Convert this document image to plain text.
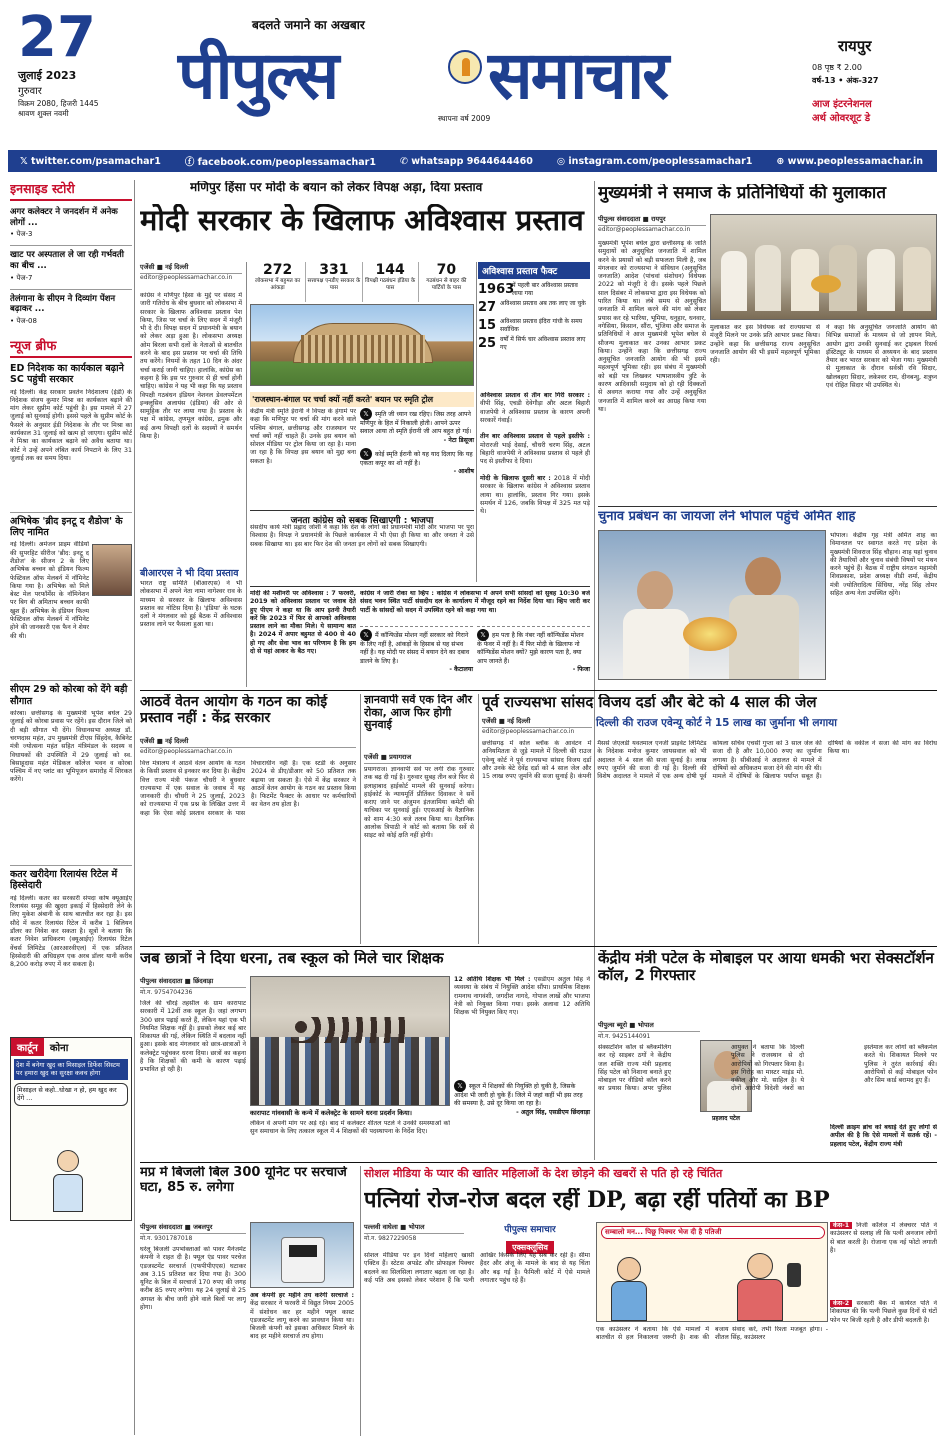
27
जुलाई 2023
गुरुवार
विक्रम 2080, हिजरी 1445
श्रावण शुक्ल नवमी
बदलते जमाने का अखबार
पीपुल्स समाचार
स्थापना वर्ष 2009
रायपुर
08 पृष्ठ ₹ 2.00
वर्ष-13 • अंक-327
आज इंटरनेशनल
अर्थ ओवरशूट डे
𝕏 twitter.com/psamachar1	ⓕ facebook.com/peoplessamachar1	✆ whatsapp 9644644460	◎ instagram.com/peoplessamachar1	⊕ www.peoplessamachar.in
इनसाइड स्टोरी
अगर कलेक्टर ने जनदर्शन में अनेक लोगों ...
• पेज-3
खाट पर अस्पताल ले जा रही गर्भवती का बीच ...
• पेज-7
तेलंगाना के सीएम ने दिव्यांग पेंशन बढ़ाकर ...
• पेज-08
न्यूज ब्रीफ
ED निदेशक का कार्यकाल बढ़ाने SC पहुंची सरकार
नई दिल्ली। केंद्र सरकार प्रवर्तन निदेशालय (ईडी) के निदेशक संजय कुमार मिश्रा का कार्यकाल बढ़ाने की मांग लेकर सुप्रीम कोर्ट पहुंची है। इस मामले में 27 जुलाई को सुनवाई होगी। इससे पहले के सुप्रीम कोर्ट के फैसले के अनुसार ईडी निदेशक के तौर पर मिश्रा का कार्यकाल 31 जुलाई को खत्म हो जाएगा। सुप्रीम कोर्ट ने मिश्रा का कार्यकाल बढ़ाने को अवैध बताया था। कोर्ट ने उन्हें अपने लंबित कार्य निपटाने के लिए 31 जुलाई तक का समय दिया।
अभिषेक 'ब्रीद इनटू द शैडोज' के लिए नामित
नई दिल्ली। अमेजन प्राइम वीडियो की सुपरहिट सीरीज 'ब्रीद: इनटू द शैडोज' के सीजन 2 के लिए अभिषेक बच्चन को इंडियन फिल्म फेस्टिवल ऑफ मेलबर्न में नॉमिनेट किया गया है। अभिषेक को मिले बेस्ट मेल परफॉर्मेंस के नॉमिनेशन पर बिग बी अमिताभ बच्चन काफी खुश हैं। अभिषेक के इंडियन फिल्म फेस्टिवल ऑफ मेलबर्न में नॉमिनेट होने की जानकारी एक फैन ने शेयर की थी।
सीएम 29 को कोरबा को देंगे बड़ी सौगात
कोरबा। छत्तीसगढ़ के मुख्यमंत्री भूपेश बघेल 29 जुलाई को कोरबा प्रवास पर रहेंगे। इस दौरान जिले को दी बड़ी सौगात भी देंगे। विधानसभा अध्यक्ष डॉ. चरणदास महंत, उप मुख्यमंत्री टीएस सिंहदेव, कैबिनेट मंत्री ज्योत्सना महंत सहित मंत्रिमंडल के सदस्य व विधायकों की उपस्थिति में 29 जुलाई को स्व. बिसाहूदास महंत मेडिकल कॉलेज भवन व कोरबा पश्चिम में नए प्लांट का भूमिपूजन समारोह में शिरकत करेंगे।
कतर खरीदेगा रिलायंस रिटेल में हिस्सेदारी
नई दिल्ली। कतर का सरकारी संपदा कोष क्यूआईए रिलायंस समूह की खुदरा इकाई में हिस्सेदारी लेने के लिए मुकेश अंबानी के साथ बातचीत कर रहा है। इस सौदे में कतर रिलायंस रिटेल में करीब 1 बिलियन डॉलर का निवेश कर सकता है। सूत्रों ने बताया कि कतर निवेश प्राधिकरण (क्यूआईए) रिलायंस रिटेल वेंचर्स लिमिटेड (आरआरवीएल) में एक प्रतिशत हिस्सेदारी की अधिग्रहण एक अरब डॉलर यानी करीब 8,200 करोड़ रुपए में कर सकता है।
कार्टून	कोना
देश में बनेगा खुद का मिसाइल डिफेंस सिस्टम पर हमारा खुद का सुरक्षा कवच होगा
मिसाइल से कहो..धोखा न हो, हम खुद कर देंगे ...
मणिपुर हिंसा पर मोदी के बयान को लेकर विपक्ष अड़ा, दिया प्रस्ताव
मोदी सरकार के खिलाफ अविश्वास प्रस्ताव
एजेंसी ■ नई दिल्ली
editor@peoplessamachar.co.in
कांग्रेस ने मणिपुर हिंसा के मुद्दे पर संसद में जारी गतिरोध के बीच बुधवार को लोकसभा में सरकार के खिलाफ अविश्वास प्रस्ताव पेश किया, जिस पर चर्चा के लिए सदन में मंजूरी भी दे दी। विपक्ष सदन में प्रधानमंत्री के बयान को लेकर अड़ा हुआ है। लोकसभा अध्यक्ष ओम बिरला सभी दलों के नेताओं से बातचीत करने के बाद इस प्रस्ताव पर चर्चा की तिथि तय करेंगे। नियमों के तहत 10 दिन के अंदर चर्चा कराई जानी चाहिए। हालांकि, कांग्रेस का कहना है कि इस पर गुरुवार से ही चर्चा होनी चाहिए। कांग्रेस ने यह भी कहा कि यह प्रस्ताव विपक्षी गठबंधन इंडियन नेशनल डेवलपमेंटल इन्क्लूसिव अलायंस (इंडिया) की ओर से सामूहिक तौर पर लाया गया है। प्रस्ताव के पक्ष में कांग्रेस, तृणमूल कांग्रेस, द्रमुक और कई अन्य विपक्षी दलों के सदस्यों ने समर्थन किया है।
बीआरएस ने भी दिया प्रस्ताव
भारत राष्ट्र समिति (बीआरएस) ने भी लोकसभा में अपने नेता नामा नागेश्वर राव के माध्यम से सरकार के खिलाफ अविश्वास प्रस्ताव का नोटिस दिया है। 'इंडिया' के घटक दलों ने मंगलवार को हुई बैठक में अविश्वास प्रस्ताव लाने पर फैसला हुआ था।
272
लोकसभा में बहुमत का आंकड़ा
331
सत्तापक्ष एनडीए सरकार के पास
144
विपक्षी गठबंधन इंडिया के पास
70
गठबंधन से बाहर की पार्टियों के पास
अविश्वास प्रस्ताव फैक्ट
1963
में पहली बार अविश्वास प्रस्ताव लाया गया
27 अविश्वास प्रस्ताव अब तक लाए जा चुके
15 अविश्वास प्रस्ताव इंदिरा गांधी के समय सर्वाधिक
25 वर्षों में सिर्फ चार अविश्वास प्रस्ताव लाए गए
'राजस्थान-बंगाल पर चर्चा क्यों नहीं करते' बयान पर स्मृति ट्रोल
केंद्रीय मंत्री स्मृति ईरानी ने विपक्ष के हंगामे पर कहा कि मणिपुर पर चर्चा की मांग करने वाले पश्चिम बंगाल, छत्तीसगढ़ और राजस्थान पर चर्चा क्यों नहीं चाहते हैं। उनके इस बयान को सोशल मीडिया पर ट्रोल किया जा रहा है। माना जा रहा है कि विपक्ष इस बयान को मुद्दा बना सकता है।
𝕏 स्मृति जी ध्यान रख रहिए। जिस तरह आपने मणिपुर के हित में निकाली होती। आपने ऊपर सवाल आया तो स्मृति ईरानी जी आप बहुत हो गई।
- नेटा डिसूजा
𝕏 कोई स्मृति ईरानी को यह याद दिलाए कि यह एकता कपूर का शो नहीं है।
- आशीष
जनता कांग्रेस को सबक सिखाएगी : भाजपा
संसदीय कार्य मंत्री प्रह्लाद जोशी ने कहा कि देश के लोगों को प्रधानमंत्री मोदी और भाजपा पर पूरा विश्वास है। विपक्ष ने प्रधानमंत्री के पिछले कार्यकाल में भी ऐसा ही किया था और जनता ने उसे सबक सिखाया था। इस बार फिर देश की जनता इन लोगों को सबक सिखाएगी।
अविश्वास प्रस्ताव से तीन बार गिरी सरकार : वीपी सिंह, एचडी देवेगौड़ा और अटल बिहारी वाजपेयी ने अविश्वास प्रस्ताव के कारण अपनी सरकारें गंवाईं।

तीन बार अविश्वास प्रस्ताव से पहले इस्तीफे : मोरारजी भाई देसाई, चौधरी चरण सिंह, अटल बिहारी वाजपेयी ने अविश्वास प्रस्ताव से पहले ही पद से इस्तीफा दे दिया।

मोदी के खिलाफ दूसरी बार : 2018 में मोदी सरकार के खिलाफ कांग्रेस ने अविश्वास प्रस्ताव लाया था। हालांकि, प्रस्ताव गिर गया। इसके समर्थन में 126, जबकि विपक्ष में 325 मत पड़े थे।
मोदी की मशीनरी पर अविश्वास : 7 फरवरी, 2019 को अविश्वास प्रस्ताव पर जवाब देते हुए पीएम ने कहा था कि आप इतनी तैयारी करें कि 2023 में फिर से आपको अविश्वास प्रस्ताव लाने का मौका मिले। ये सामान्य बात है। 2024 में अपार बहुमत से 400 से 40 हो गए और सेवा भाव का परिणाम है कि हम दो से यहां आकर के बैठ गए।
कांग्रेस ने जारी रोका था व्हिप : कांग्रेस ने लोकसभा में अपने सभी सांसदों को सुबह 10:30 बजे संसद भवन स्थित पार्टी संसदीय दल के कार्यालय में मौजूद रहने का निर्देश दिया था। व्हिप जारी कर पार्टी के सांसदों को सदन में उपस्थित रहने को कहा गया था।
𝕏 मैं कॉन्फिडेंस मोशन नहीं सरकार को गिराने के लिए नहीं है, आंकड़ों के हिसाब से यह संभव नहीं है। यह मोदी पर संसद में बयान देने का दबाव डालने के लिए है।
- कैटालया
𝕏 हम पता है कि नंबर नहीं कॉन्फिडेंस मोशन के फेवर में नहीं है। मैं फिर मोदी के खिलाफ नो कॉन्फिडेंस मोशन क्यों? मुझे कारण पता है, क्या आप जानते हैं।
- फिजा
मुख्यमंत्री ने समाज के प्रतिनिधियों की मुलाकात
पीपुल्स संवाददाता ■ रायपुर
editor@peoplessamachar.co.in
मुख्यमंत्री भूपेश बघेल द्वारा छत्तीसगढ़ के जाति समुदायों को अनुसूचित जनजाति में शामिल करने के प्रयासों को बड़ी सफलता मिली है, जब मंगलवार को राज्यसभा ने संविधान (अनुसूचित जनजाति) आदेश (पांचवां संशोधन) विधेयक 2022 को मंजूरी दे दी। इसके पहले पिछले साल दिसंबर में लोकसभा द्वारा इस विधेयक को पारित किया था। लंबे समय से अनुसूचित जनजाति में शामिल करने की मांग को लेकर प्रयास कर रहे भारिया, भूमिया, धनुहार, धनवार, नगेसिया, किसान, सौंरा, भुंजिया और समाज के प्रतिनिधियों ने आज मुख्यमंत्री भूपेश बघेल से सौजन्य मुलाकात कर उनका आभार प्रकट किया। उन्होंने कहा कि छत्तीसगढ़ राज्य अनुसूचित जनजाति आयोग की भी इसमें महत्वपूर्ण भूमिका रही। इस संबंध में मुख्यमंत्री को बड़ी पत्र लिखकर भाषाशास्त्रीय त्रुटि के कारण आदिवासी समुदाय को हो रही दिक्कतों से अवगत कराया गया और उन्हें अनुसूचित जनजाति में शामिल करने का आग्रह किया गया था।
मुलाकात कर इस विधेयक को राज्यसभा से मंजूरी मिलने पर उनके प्रति आभार प्रकट किया। उन्होंने कहा कि छत्तीसगढ़ राज्य अनुसूचित जनजाति आयोग की भी इसमें महत्वपूर्ण भूमिका रही।
ने कहा कि अनुसूचित जनजाति आयोग की विभिन्न समाजों के माध्यम से जो ज्ञापन मिले, आयोग द्वारा उनकी सुनवाई कर ट्राइबल रिसर्च इंस्टिट्यूट के माध्यम से अध्ययन के बाद प्रस्ताव तैयार कर भारत सरकार को भेजा गया। मुख्यमंत्री से मुलाकात के दौरान सर्वश्री रवि सिदार, खोलबहरा सिदार, लकेश्वर राम, दीनबन्धु, शत्रुघ्न एवं रोहित सिदार भी उपस्थित थे।
चुनाव प्रबंधन का जायजा लेने भोपाल पहुंचे अमित शाह
भोपाल। केंद्रीय गृह मंत्री अमित शाह का विमानतल पर स्वागत करते गए प्रदेश के मुख्यमंत्री शिवराज सिंह चौहान। शाह यहां चुनाव की तैयारियों और चुनाव संबंधी विषयों पर मंथन करने पहुंचे हैं। बैठक में राष्ट्रीय संगठन महामंत्री शिवप्रकाश, प्रदेश अध्यक्ष वीडी शर्मा, केंद्रीय मंत्री ज्योतिरादित्य सिंधिया, नरेंद्र सिंह तोमर सहित अन्य नेता उपस्थित रहेंगे।
आठवें वेतन आयोग के गठन का कोई प्रस्ताव नहीं : केंद्र सरकार
एजेंसी ■ नई दिल्ली
editor@peoplessamachar.co.in
वित्त मंत्रालय ने आठवें वेतन आयोग के गठन के किसी प्रस्ताव से इनकार कर दिया है। केंद्रीय वित्त राज्य मंत्री पंकज चौधरी ने बुधवार राज्यसभा में एक सवाल के जवाब में यह जानकारी दी। चौधरी ने 25 जुलाई, 2023 को राज्यसभा में एक प्रश्न के लिखित उत्तर में कहा कि ऐसा कोई प्रस्ताव सरकार के पास विचाराधीन नहीं है। एक स्टडी के अनुसार 2024 से डीए/डीआर को 50 प्रतिशत तक बढ़ाया जा सकता है। ऐसे में केंद्र सरकार ने आठवें वेतन आयोग के गठन का प्रस्ताव किया है। फिटमेंट फैक्टर के आधार पर कर्मचारियों का वेतन तय होता है।
ज्ञानवापी सर्वे एक दिन और रोका, आज फिर होगी सुनवाई
एजेंसी ■ प्रयागराज
प्रयागराज। ज्ञानवापी सर्वे पर लगी रोक गुरुवार तक बढ़ दी गई है। गुरुवार सुबह तीन बजे फिर से इलाहाबाद हाईकोर्ट मामले की सुनवाई करेगा। हाईकोर्ट के न्यायमूर्ति प्रीतिंकर दिवाकर ने सर्वे कराए जाने पर अंजुमन इंतजामिया कमेटी की याचिका पर सुनवाई हुई। एएसआई के वैज्ञानिक को शाम 4:30 बजे तलब किया था। वैज्ञानिक आलोक त्रिपाठी ने कोर्ट को बताया कि सर्वे से साइट को कोई क्षति नहीं होगी।
पूर्व राज्यसभा सांसद विजय दर्डा और बेटे को 4 साल की जेल
दिल्ली की राउज एवेन्यू कोर्ट ने 15 लाख का जुर्माना भी लगाया
एजेंसी ■ नई दिल्ली
editor@peoplessamachar.co.in
छत्तीसगढ़ में कोल ब्लॉक के आवंटन में अनियमितता से जुड़े मामले में दिल्ली की राउज एवेन्यू कोर्ट ने पूर्व राज्यसभा सांसद विजय दर्डा और उनके बेटे देवेंद्र दर्डा को 4 साल जेल और 15 लाख रुपए जुर्माने की सजा सुनाई है। कंपनी मैसर्स जेएलडी यवतमाल एनर्जी प्राइवेट लिमिटेड के निदेशक मनोज कुमार जायसवाल को भी अदालत ने 4 साल की सजा सुनाई है। लाख रुपए जुर्माने की सजा दी गई है। दिल्ली की विशेष अदालत ने मामले में एक अन्य दोषी पूर्व कोयला सचिव एचसी गुप्ता को 3 साल जेल की सजा दी है और 10,000 रुपए का जुर्माना लगाया है। सीबीआई ने अदालत से मामले में दोषियों को अधिकतम सजा देने की मांग की थी। मामले में दोषियों के खिलाफ पर्याप्त सबूत हैं। दोषियों के वकील ने सजा की मांग का विरोध किया था।
जब छात्रों ने दिया धरना, तब स्कूल को मिले चार शिक्षक
पीपुल्स संवाददाता ■ छिंदवाड़ा
मो.न. 9754704236
जिले की चौरई तहसील के ग्राम कारापाट सरकारी में 12वीं तक स्कूल है। जहां लगभग 300 छात्र पढ़ाई करते हैं, लेकिन यहां एक भी नियमित शिक्षक नहीं है। इसको लेकर कई बार शिकायत की गई, लेकिन स्थिति में बदलाव नहीं हुआ। इसके बाद मंगलवार को छात्र-छात्राओं ने कलेक्ट्रेट पहुंचकर धरना दिया। छात्रों का कहना है कि शिक्षकों की कमी के कारण पढ़ाई प्रभावित हो रही है।
कारापाट गांववासी के कन्ये में कलेक्ट्रेट के सामने धरना प्रदर्शन किया।
12 अतिथि शिक्षक भी मिले : एसडीएम अतुल सिंह ने व्यवस्था के संबंध में नियुक्ति आदेश सौंपा। प्राथमिक शिक्षक रामनाथ नागवंशी, जगदीश नागदे, गोपाल लाखें और भाजपा नेत्री को नियुक्त किया गया। इसके अलावा 12 अतिथि शिक्षक भी नियुक्त किए गए।
लेकिन वे अपनी मांग पर अड़े रहे। बाद में कलेक्टर शीतल पटले ने उनकी समस्याओं को सुन समाधान के लिए तत्काल स्कूल में 4 शिक्षकों की पदस्थापना के निर्देश दिए।
𝕏 स्कूल में शिक्षकों की नियुक्ति हो चुकी है, जिसके आदेश भी जारी हो चुके हैं। जिले में जहां कहीं भी इस तरह की समस्या है, उसे दूर किया जा रहा है।
- अतुल सिंह, एसडीएम छिंदवाड़ा
केंद्रीय मंत्री पटेल के मोबाइल पर आया धमकी भरा सेक्सटॉर्शन कॉल, 2 गिरफ्तार
पीपुल्स ब्यूरो ■ भोपाल
मो.न. 9425144091
प्रहलाद पटेल
सेक्सटॉर्शन कॉल से ब्लैकमेलिंग कर रहे साइबर ठगों ने केंद्रीय जल शक्ति राज्य मंत्री प्रहलाद सिंह पटेल को निशाना बनाते हुए मोबाइल पर वीडियो कॉल करने का प्रयास किया। अपर पुलिस आयुक्त ने बताया कि दिल्ली पुलिस ने राजस्थान से दो आरोपियों को गिरफ्तार किया है। इस गिरोह का मास्टर माइंड मो. वकील और मो. साहिल है। ये दोनों आरोपी विदेशी नंबरों का इस्तेमाल कर लोगों को ब्लैकमेल करते थे। शिकायत मिलने पर पुलिस ने तुरंत कार्रवाई की। आरोपियों से कई मोबाइल फोन और सिम कार्ड बरामद हुए हैं।
दिल्ली क्राइम ब्रांच को बधाई देते हुए लोगों से अपील की है कि ऐसे मामलों में सतर्क रहें। - प्रहलाद पटेल, केंद्रीय राज्य मंत्री
मप्र में बिजली बिल 300 यूनिट पर सरचार्ज घटा, 85 रु. लगेगा
पीपुल्स संवाददाता ■ जबलपुर
मो.न. 9301787018
घरेलू बिजली उपभोक्ताओं को पावर मैनेजमेंट कंपनी ने राहत दी है। फ्यूल एंड पावर परचेज एडजस्टमेंट सरचार्ज (एफपीपीएएस) घटाकर अब 3.15 प्रतिशत कर दिया गया है। 300 यूनिट के बिल में सरचार्ज 170 रुपए की जगह करीब 85 रुपए लगेगा। यह 24 जुलाई से 25 अगस्त के बीच जारी होने वाले बिलों पर लागू होगा।
अब कंपनी हर महीने तय करेगी सरचार्ज : केंद्र सरकार ने फरवरी में विद्युत नियम 2005 में संशोधन कर हर महीने फ्यूल कास्ट एडजस्टमेंट लागू करने का प्रावधान किया था। बिजली कंपनी को इसका अधिकार मिलने के बाद हर महीने सरचार्ज तय होगा।
सोशल मीडिया के प्यार की खातिर महिलाओं के देश छोड़ने की खबरों से पति हो रहे चिंतित
पत्नियां रोज-रोज बदल रहीं DP, बढ़ा रहीं पतियों का BP
पल्लवी वाघेला ■ भोपाल
मो.न. 9827229058
पीपुल्स समाचार
एक्सक्लूसिव
सोशल मीडिया पर इन दिनों महिलाएं खासी एक्टिव हैं। स्टेटस अपडेट और प्रोफाइल पिक्चर बदलने का सिलसिला लगातार बढ़ता जा रहा है। कई पति अब इसको लेकर परेशान हैं कि पत्नी आखिर किसके लिए यह सब कर रही है। सीमा हैदर और अंजू के मामले के बाद से यह चिंता और बढ़ गई है। फैमिली कोर्ट में ऐसे मामले लगातार पहुंच रहे हैं।
सम्बालो मन... पिछू पिक्चर भेज दी है पतिजी
केस-1 निजी कॉलेज में लेक्चरर पति ने काउंसलर से सलाह ली कि पत्नी अनजान लोगों से बात करती है। रोजाना एक नई फोटो लगाती है।
केस-2 सरकारी बैंक में कार्यरत पति ने शिकायत की कि पत्नी पिछले कुछ दिनों से घंटों फोन पर बिजी रहती है और डीपी बदलती है।
एक काउंसलर ने बताया कि ऐसे मामलों में बातचीत से हल निकालना जरूरी है। शक की बजाय संवाद करें, तभी रिश्ता मजबूत होगा। - शीतल सिंह, काउंसलर
